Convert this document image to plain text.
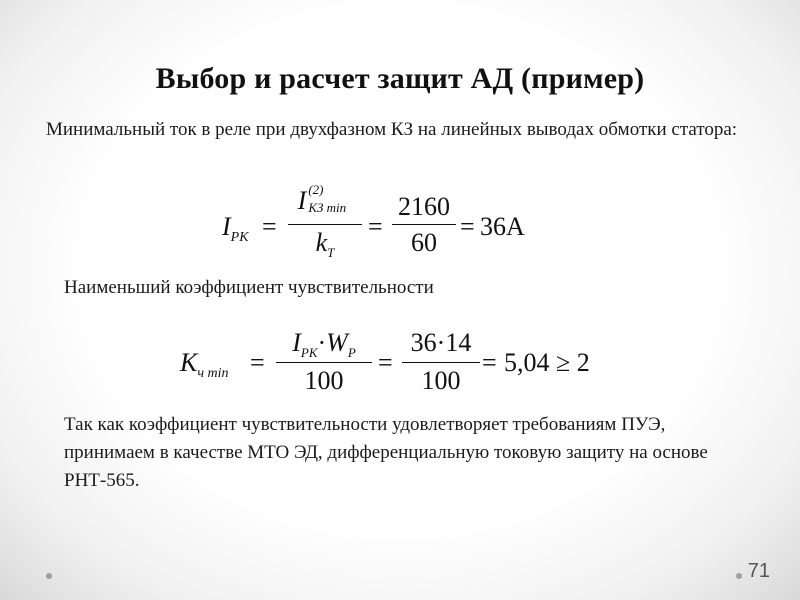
Выбор и расчет защит АД (пример)
Минимальный ток в реле при двухфазном КЗ на линейных выводах обмотки статора:
$I_{РК}$ =
I (2)
КЗ min
$k_Т$
=
2160
60
= 36А
Наименьший коэффициент чувствительности
$K_{ч min}$ =
$I_{РК}\cdot W_Р$
100
=
36·14
100
= 5,04 ≥ 2
Так как коэффициент чувствительности удовлетворяет требованиям ПУЭ, принимаем в качестве МТО ЭД, дифференциальную токовую защиту на основе РНТ-565.
71
